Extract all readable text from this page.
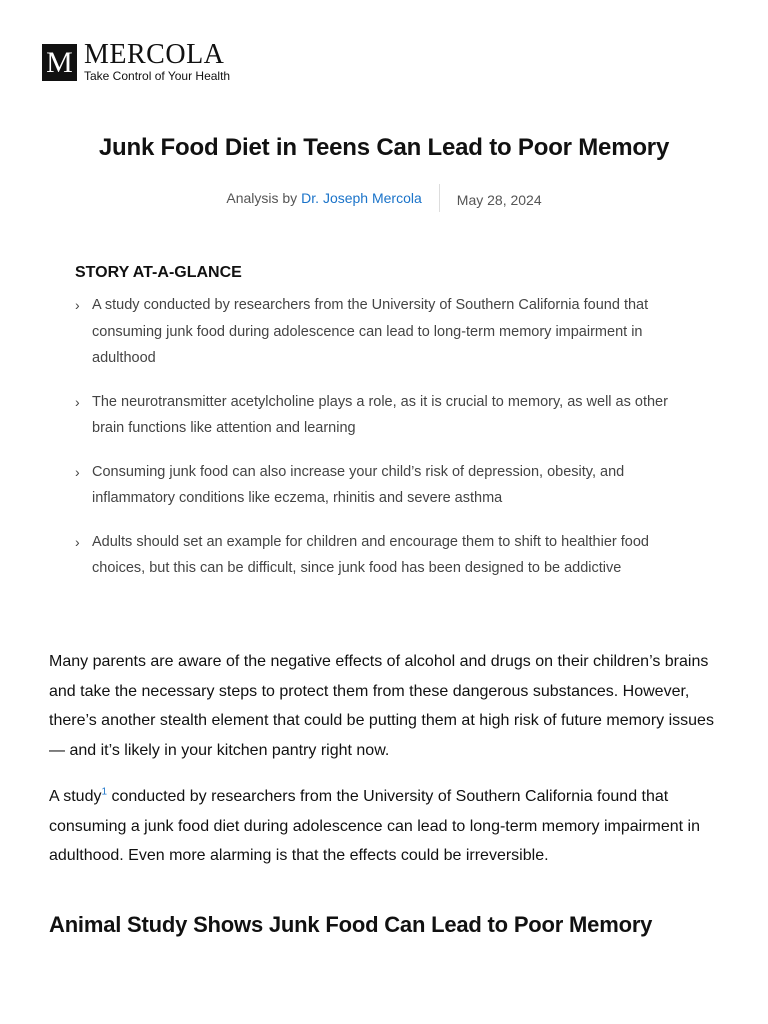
M MERCOLA
Take Control of Your Health
Junk Food Diet in Teens Can Lead to Poor Memory
Analysis by Dr. Joseph Mercola	May 28, 2024
STORY AT-A-GLANCE
› A study conducted by researchers from the University of Southern California found that consuming junk food during adolescence can lead to long-term memory impairment in adulthood
› The neurotransmitter acetylcholine plays a role, as it is crucial to memory, as well as other brain functions like attention and learning
› Consuming junk food can also increase your child’s risk of depression, obesity, and inflammatory conditions like eczema, rhinitis and severe asthma
› Adults should set an example for children and encourage them to shift to healthier food choices, but this can be difficult, since junk food has been designed to be addictive

Many parents are aware of the negative effects of alcohol and drugs on their children’s brains and take the necessary steps to protect them from these dangerous substances. However, there’s another stealth element that could be putting them at high risk of future memory issues — and it’s likely in your kitchen pantry right now.

A study$^1$ conducted by researchers from the University of Southern California found that consuming a junk food diet during adolescence can lead to long-term memory impairment in adulthood. Even more alarming is that the effects could be irreversible.

Animal Study Shows Junk Food Can Lead to Poor Memory
